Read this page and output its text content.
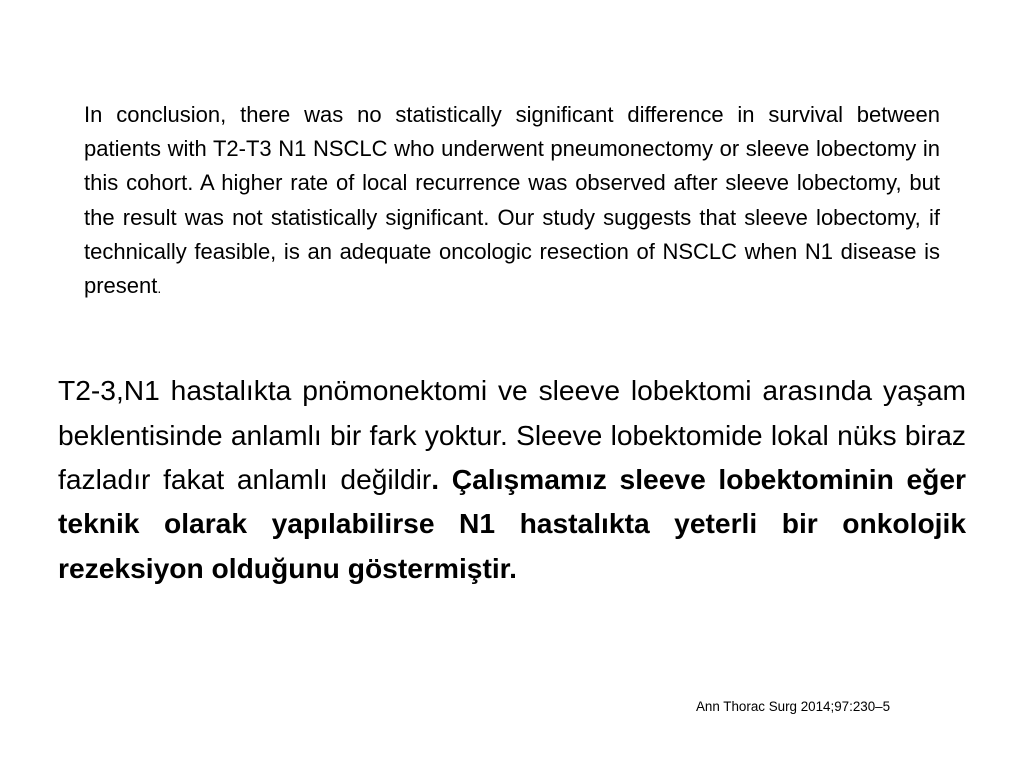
In conclusion, there was no statistically significant difference in survival between patients with T2-T3 N1 NSCLC who underwent pneumonectomy or sleeve lobectomy in this cohort. A higher rate of local recurrence was observed after sleeve lobectomy, but the result was not statistically significant. Our study suggests that sleeve lobectomy, if technically feasible, is an adequate oncologic resection of NSCLC when N1 disease is present.

T2-3,N1 hastalıkta pnömonektomi ve sleeve lobektomi arasında yaşam beklentisinde anlamlı bir fark yoktur. Sleeve lobektomide lokal nüks biraz fazladır fakat anlamlı değildir. Çalışmamız sleeve lobektominin eğer teknik olarak yapılabilirse N1 hastalıkta yeterli bir onkolojik rezeksiyon olduğunu göstermiştir.

Ann Thorac Surg 2014;97:230–5
